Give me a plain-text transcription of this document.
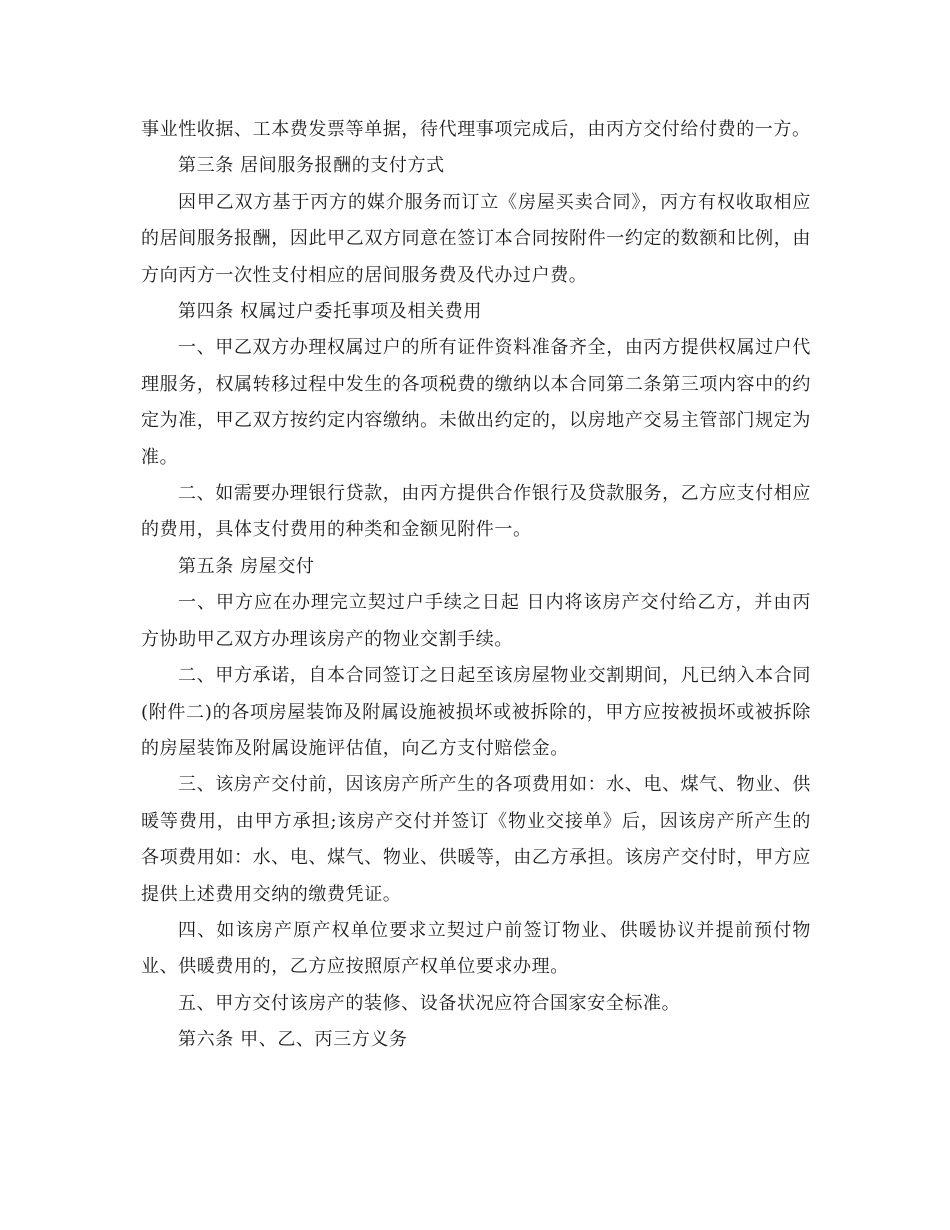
事业性收据、工本费发票等单据，待代理事项完成后，由丙方交付给付费的一方。

第三条 居间服务报酬的支付方式

因甲乙双方基于丙方的媒介服务而订立《房屋买卖合同》，丙方有权收取相应的居间服务报酬，因此甲乙双方同意在签订本合同按附件一约定的数额和比例，由 方向丙方一次性支付相应的居间服务费及代办过户费。

第四条 权属过户委托事项及相关费用

一、甲乙双方办理权属过户的所有证件资料准备齐全，由丙方提供权属过户代理服务，权属转移过程中发生的各项税费的缴纳以本合同第二条第三项内容中的约定为准，甲乙双方按约定内容缴纳。未做出约定的，以房地产交易主管部门规定为准。

二、如需要办理银行贷款，由丙方提供合作银行及贷款服务，乙方应支付相应的费用，具体支付费用的种类和金额见附件一。

第五条 房屋交付

一、甲方应在办理完立契过户手续之日起 日内将该房产交付给乙方，并由丙方协助甲乙双方办理该房产的物业交割手续。

二、甲方承诺，自本合同签订之日起至该房屋物业交割期间，凡已纳入本合同(附件二)的各项房屋装饰及附属设施被损坏或被拆除的，甲方应按被损坏或被拆除的房屋装饰及附属设施评估值，向乙方支付赔偿金。

三、该房产交付前，因该房产所产生的各项费用如：水、电、煤气、物业、供暖等费用，由甲方承担;该房产交付并签订《物业交接单》后，因该房产所产生的各项费用如：水、电、煤气、物业、供暖等，由乙方承担。该房产交付时，甲方应提供上述费用交纳的缴费凭证。

四、如该房产原产权单位要求立契过户前签订物业、供暖协议并提前预付物业、供暖费用的，乙方应按照原产权单位要求办理。

五、甲方交付该房产的装修、设备状况应符合国家安全标准。

第六条 甲、乙、丙三方义务
